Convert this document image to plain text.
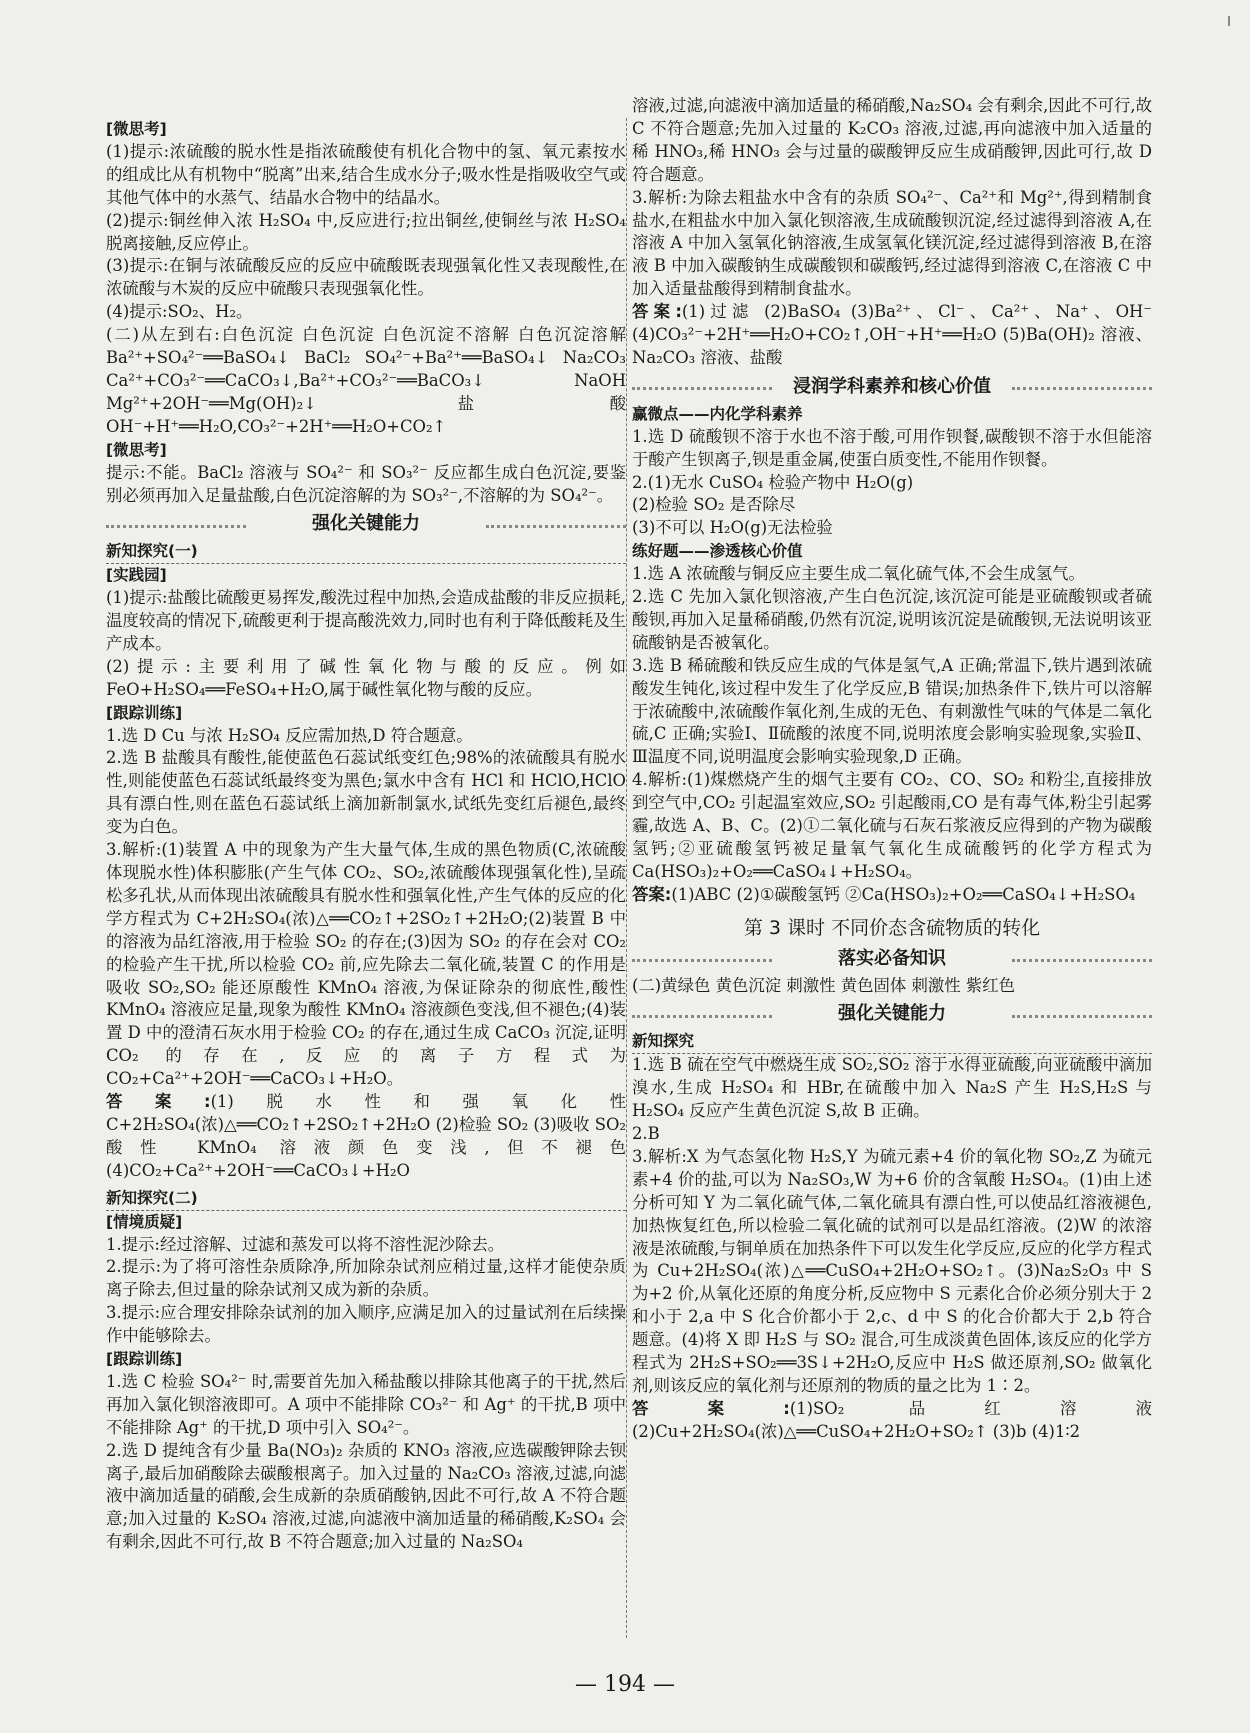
[微思考]

(1)提示:浓硫酸的脱水性是指浓硫酸使有机化合物中的氢、氧元素按水的组成比从有机物中“脱离”出来,结合生成水分子;吸水性是指吸收空气或其他气体中的水蒸气、结晶水合物中的结晶水。

(2)提示:铜丝伸入浓 H₂SO₄ 中,反应进行;拉出铜丝,使铜丝与浓 H₂SO₄ 脱离接触,反应停止。

(3)提示:在铜与浓硫酸反应的反应中硫酸既表现强氧化性又表现酸性,在浓硫酸与木炭的反应中硫酸只表现强氧化性。

(4)提示:SO₂、H₂。

(二)从左到右:白色沉淀 白色沉淀 白色沉淀不溶解 白色沉淀溶解 Ba²⁺+SO₄²⁻══BaSO₄↓ BaCl₂ SO₄²⁻+Ba²⁺══BaSO₄↓ Na₂CO₃ Ca²⁺+CO₃²⁻══CaCO₃↓,Ba²⁺+CO₃²⁻══BaCO₃↓ NaOH Mg²⁺+2OH⁻══Mg(OH)₂↓ 盐酸 OH⁻+H⁺══H₂O,CO₃²⁻+2H⁺══H₂O+CO₂↑

[微思考]

提示:不能。BaCl₂ 溶液与 SO₄²⁻ 和 SO₃²⁻ 反应都生成白色沉淀,要鉴别必须再加入足量盐酸,白色沉淀溶解的为 SO₃²⁻,不溶解的为 SO₄²⁻。

强化关键能力
新知探究(一)

[实践园]

(1)提示:盐酸比硫酸更易挥发,酸洗过程中加热,会造成盐酸的非反应损耗,温度较高的情况下,硫酸更利于提高酸洗效力,同时也有利于降低酸耗及生产成本。

(2)提示:主要利用了碱性氧化物与酸的反应。例如 FeO+H₂SO₄══FeSO₄+H₂O,属于碱性氧化物与酸的反应。

[跟踪训练]

1.选 D Cu 与浓 H₂SO₄ 反应需加热,D 符合题意。

2.选 B 盐酸具有酸性,能使蓝色石蕊试纸变红色;98%的浓硫酸具有脱水性,则能使蓝色石蕊试纸最终变为黑色;氯水中含有 HCl 和 HClO,HClO 具有漂白性,则在蓝色石蕊试纸上滴加新制氯水,试纸先变红后褪色,最终变为白色。

3.解析:(1)装置 A 中的现象为产生大量气体,生成的黑色物质(C,浓硫酸体现脱水性)体积膨胀(产生气体 CO₂、SO₂,浓硫酸体现强氧化性),呈疏松多孔状,从而体现出浓硫酸具有脱水性和强氧化性,产生气体的反应的化学方程式为 C+2H₂SO₄(浓)△══CO₂↑+2SO₂↑+2H₂O;(2)装置 B 中的溶液为品红溶液,用于检验 SO₂ 的存在;(3)因为 SO₂ 的存在会对 CO₂ 的检验产生干扰,所以检验 CO₂ 前,应先除去二氧化硫,装置 C 的作用是吸收 SO₂,SO₂ 能还原酸性 KMnO₄ 溶液,为保证除杂的彻底性,酸性 KMnO₄ 溶液应足量,现象为酸性 KMnO₄ 溶液颜色变浅,但不褪色;(4)装置 D 中的澄清石灰水用于检验 CO₂ 的存在,通过生成 CaCO₃ 沉淀,证明 CO₂ 的存在,反应的离子方程式为 CO₂+Ca²⁺+2OH⁻══CaCO₃↓+H₂O。

答案:(1)脱水性和强氧化性 C+2H₂SO₄(浓)△══CO₂↑+2SO₂↑+2H₂O (2)检验 SO₂ (3)吸收 SO₂ 酸性 KMnO₄ 溶液颜色变浅,但不褪色 (4)CO₂+Ca²⁺+2OH⁻══CaCO₃↓+H₂O

新知探究(二)

[情境质疑]

1.提示:经过溶解、过滤和蒸发可以将不溶性泥沙除去。

2.提示:为了将可溶性杂质除净,所加除杂试剂应稍过量,这样才能使杂质离子除去,但过量的除杂试剂又成为新的杂质。

3.提示:应合理安排除杂试剂的加入顺序,应满足加入的过量试剂在后续操作中能够除去。

[跟踪训练]

1.选 C 检验 SO₄²⁻ 时,需要首先加入稀盐酸以排除其他离子的干扰,然后再加入氯化钡溶液即可。A 项中不能排除 CO₃²⁻ 和 Ag⁺ 的干扰,B 项中不能排除 Ag⁺ 的干扰,D 项中引入 SO₄²⁻。

2.选 D 提纯含有少量 Ba(NO₃)₂ 杂质的 KNO₃ 溶液,应选碳酸钾除去钡离子,最后加硝酸除去碳酸根离子。加入过量的 Na₂CO₃ 溶液,过滤,向滤液中滴加适量的硝酸,会生成新的杂质硝酸钠,因此不可行,故 A 不符合题意;加入过量的 K₂SO₄ 溶液,过滤,向滤液中滴加适量的稀硝酸,K₂SO₄ 会有剩余,因此不可行,故 B 不符合题意;加入过量的 Na₂SO₄

溶液,过滤,向滤液中滴加适量的稀硝酸,Na₂SO₄ 会有剩余,因此不可行,故 C 不符合题意;先加入过量的 K₂CO₃ 溶液,过滤,再向滤液中加入适量的稀 HNO₃,稀 HNO₃ 会与过量的碳酸钾反应生成硝酸钾,因此可行,故 D 符合题意。

3.解析:为除去粗盐水中含有的杂质 SO₄²⁻、Ca²⁺和 Mg²⁺,得到精制食盐水,在粗盐水中加入氯化钡溶液,生成硫酸钡沉淀,经过滤得到溶液 A,在溶液 A 中加入氢氧化钠溶液,生成氢氧化镁沉淀,经过滤得到溶液 B,在溶液 B 中加入碳酸钠生成碳酸钡和碳酸钙,经过滤得到溶液 C,在溶液 C 中加入适量盐酸得到精制食盐水。

答案:(1)过滤 (2)BaSO₄ (3)Ba²⁺、Cl⁻、Ca²⁺、Na⁺、OH⁻ (4)CO₃²⁻+2H⁺══H₂O+CO₂↑,OH⁻+H⁺══H₂O (5)Ba(OH)₂ 溶液、Na₂CO₃ 溶液、盐酸

浸润学科素养和核心价值
赢微点——内化学科素养

1.选 D 硫酸钡不溶于水也不溶于酸,可用作钡餐,碳酸钡不溶于水但能溶于酸产生钡离子,钡是重金属,使蛋白质变性,不能用作钡餐。

2.(1)无水 CuSO₄ 检验产物中 H₂O(g)

(2)检验 SO₂ 是否除尽

(3)不可以 H₂O(g)无法检验

练好题——渗透核心价值

1.选 A 浓硫酸与铜反应主要生成二氧化硫气体,不会生成氢气。

2.选 C 先加入氯化钡溶液,产生白色沉淀,该沉淀可能是亚硫酸钡或者硫酸钡,再加入足量稀硝酸,仍然有沉淀,说明该沉淀是硫酸钡,无法说明该亚硫酸钠是否被氧化。

3.选 B 稀硫酸和铁反应生成的气体是氢气,A 正确;常温下,铁片遇到浓硫酸发生钝化,该过程中发生了化学反应,B 错误;加热条件下,铁片可以溶解于浓硫酸中,浓硫酸作氧化剂,生成的无色、有刺激性气味的气体是二氧化硫,C 正确;实验Ⅰ、Ⅱ硫酸的浓度不同,说明浓度会影响实验现象,实验Ⅱ、Ⅲ温度不同,说明温度会影响实验现象,D 正确。

4.解析:(1)煤燃烧产生的烟气主要有 CO₂、CO、SO₂ 和粉尘,直接排放到空气中,CO₂ 引起温室效应,SO₂ 引起酸雨,CO 是有毒气体,粉尘引起雾霾,故选 A、B、C。(2)①二氧化硫与石灰石浆液反应得到的产物为碳酸氢钙;②亚硫酸氢钙被足量氧气氧化生成硫酸钙的化学方程式为 Ca(HSO₃)₂+O₂══CaSO₄↓+H₂SO₄。

答案:(1)ABC (2)①碳酸氢钙 ②Ca(HSO₃)₂+O₂══CaSO₄↓+H₂SO₄

第 3 课时 不同价态含硫物质的转化
落实必备知识

(二)黄绿色 黄色沉淀 刺激性 黄色固体 刺激性 紫红色

强化关键能力
新知探究

1.选 B 硫在空气中燃烧生成 SO₂,SO₂ 溶于水得亚硫酸,向亚硫酸中滴加溴水,生成 H₂SO₄ 和 HBr,在硫酸中加入 Na₂S 产生 H₂S,H₂S 与 H₂SO₄ 反应产生黄色沉淀 S,故 B 正确。

2.B

3.解析:X 为气态氢化物 H₂S,Y 为硫元素+4 价的氧化物 SO₂,Z 为硫元素+4 价的盐,可以为 Na₂SO₃,W 为+6 价的含氧酸 H₂SO₄。(1)由上述分析可知 Y 为二氧化硫气体,二氧化硫具有漂白性,可以使品红溶液褪色,加热恢复红色,所以检验二氧化硫的试剂可以是品红溶液。(2)W 的浓溶液是浓硫酸,与铜单质在加热条件下可以发生化学反应,反应的化学方程式为 Cu+2H₂SO₄(浓)△══CuSO₄+2H₂O+SO₂↑。(3)Na₂S₂O₃ 中 S 为+2 价,从氧化还原的角度分析,反应物中 S 元素化合价必须分别大于 2 和小于 2,a 中 S 化合价都小于 2,c、d 中 S 的化合价都大于 2,b 符合题意。(4)将 X 即 H₂S 与 SO₂ 混合,可生成淡黄色固体,该反应的化学方程式为 2H₂S+SO₂══3S↓+2H₂O,反应中 H₂S 做还原剂,SO₂ 做氧化剂,则该反应的氧化剂与还原剂的物质的量之比为 1∶2。

答案:(1)SO₂ 品红溶液 (2)Cu+2H₂SO₄(浓)△══CuSO₄+2H₂O+SO₂↑ (3)b (4)1∶2

— 194 —
